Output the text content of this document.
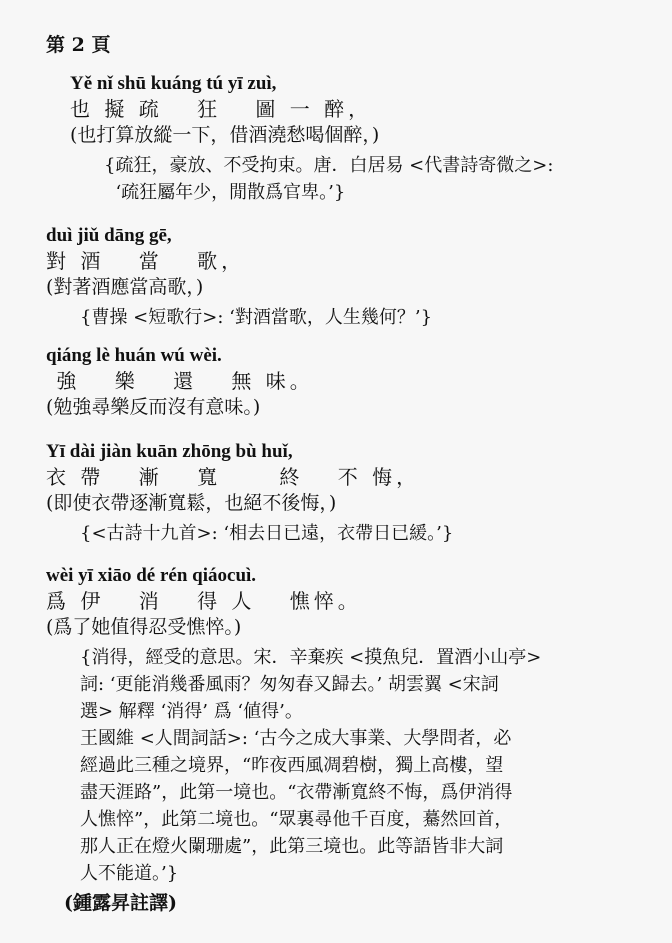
第 2 頁
Yě nǐ shū kuáng tú yī zuì,
也 擬 疏　 狂　 圖 一 醉，
(也打算放縱一下，借酒澆愁喝個醉，)
{疏狂，豪放、不受拘束。唐．白居易 <代書詩寄微之>:
‘疏狂屬年少，閒散爲官卑。’}
duì jiǔ dāng gē,
對 酒　 當　 歌，
(對著酒應當高歌，)
{曹操 <短歌行>: ‘對酒當歌，人生幾何？’}
qiáng lè huán wú wèi.
強　 樂　 還　 無 味。
(勉強尋樂反而沒有意味。)
Yī dài jiàn kuān zhōng bù huǐ,
衣 帶　 漸　 寬　　 終　 不 悔，
(即使衣帶逐漸寬鬆，也絕不後悔，)
{<古詩十九首>: ‘相去日已遠，衣帶日已緩。’}
wèi yī xiāo dé rén qiáocuì.
爲 伊　 消　 得 人　 憔悴。
(爲了她值得忍受憔悴。)
{消得，經受的意思。宋．辛棄疾 <摸魚兒．置酒小山亭>
詞: ‘更能消幾番風雨？匆匆春又歸去。’ 胡雲翼 <宋詞
選> 解釋 ‘消得’ 爲 ‘値得’。
王國維 <人間詞話>: ‘古今之成大事業、大學問者，必
經過此三種之境界，“昨夜西風凋碧樹，獨上高樓，望
盡天涯路”，此第一境也。“衣帶漸寬終不悔，爲伊消得
人憔悴”，此第二境也。“眾裏尋他千百度，驀然回首，
那人正在燈火闌珊處”，此第三境也。此等語皆非大詞
人不能道。’}
(鍾露昇註譯)
